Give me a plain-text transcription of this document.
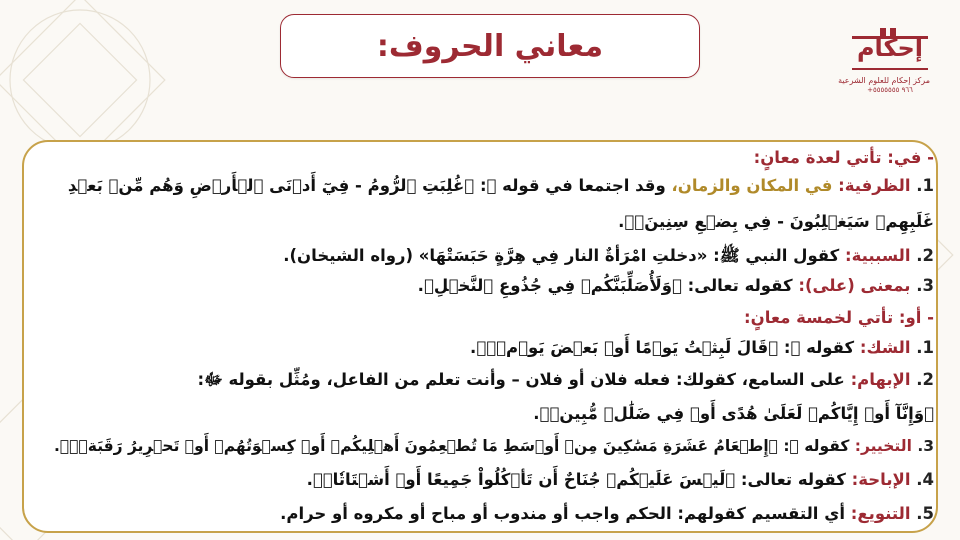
معاني الحروف:	إحكام
مركز إحكام للعلوم الشرعية
+٩٦٦ ٥٥٥٥٥٥٥
- في: تأتي لعدة معانٍ:
1. الظرفية: في المكان والزمان، وقد اجتمعا في قوله ﷻ: ﴿غُلِبَتِ ٱلرُّومُ - فِيٓ أَدۡنَى ٱلۡأَرۡضِ وَهُم مِّنۢ بَعۡدِ
غَلَبِهِمۡ سَيَغۡلِبُونَ - فِي بِضۡعِ سِنِينَۗ﴾.
2. السببية: كقول النبي ﷺ: «دخلتِ امْرَأةٌ النار فِي هِرَّةٍ حَبَسَتْهَا» (رواه الشيخان).
3. بمعنى (على): كقوله تعالى: ﴿وَلَأُصَلِّبَنَّكُمۡ فِي جُذُوعِ ٱلنَّخۡلِ﴾.
- أو: تأتي لخمسة معانٍ:
1. الشك: كقوله ﷻ: ﴿قَالَ لَبِثۡتُ يَوۡمًا أَوۡ بَعۡضَ يَوۡمٖۖ﴾.
2. الإبهام: على السامع، كقولك: فعله فلان أو فلان – وأنت تعلم من الفاعل، ومُثِّل بقوله ﷻ:
﴿وَإِنَّآ أَوۡ إِيَّاكُمۡ لَعَلَىٰ هُدًى أَوۡ فِي ضَلَٰلٖ مُّبِينٖ﴾.
3. التخيير: كقوله ﷻ: ﴿إِطۡعَامُ عَشَرَةِ مَسَٰكِينَ مِنۡ أَوۡسَطِ مَا تُطۡعِمُونَ أَهۡلِيكُمۡ أَوۡ كِسۡوَتُهُمۡ أَوۡ تَحۡرِيرُ رَقَبَةٖۖ﴾.
4. الإباحة: كقوله تعالى: ﴿لَيۡسَ عَلَيۡكُمۡ جُنَاحٌ أَن تَأۡكُلُواْ جَمِيعًا أَوۡ أَشۡتَاتٗاۚ﴾.
5. التنويع: أي التقسيم كقولهم: الحكم واجب أو مندوب أو مباح أو مكروه أو حرام.
